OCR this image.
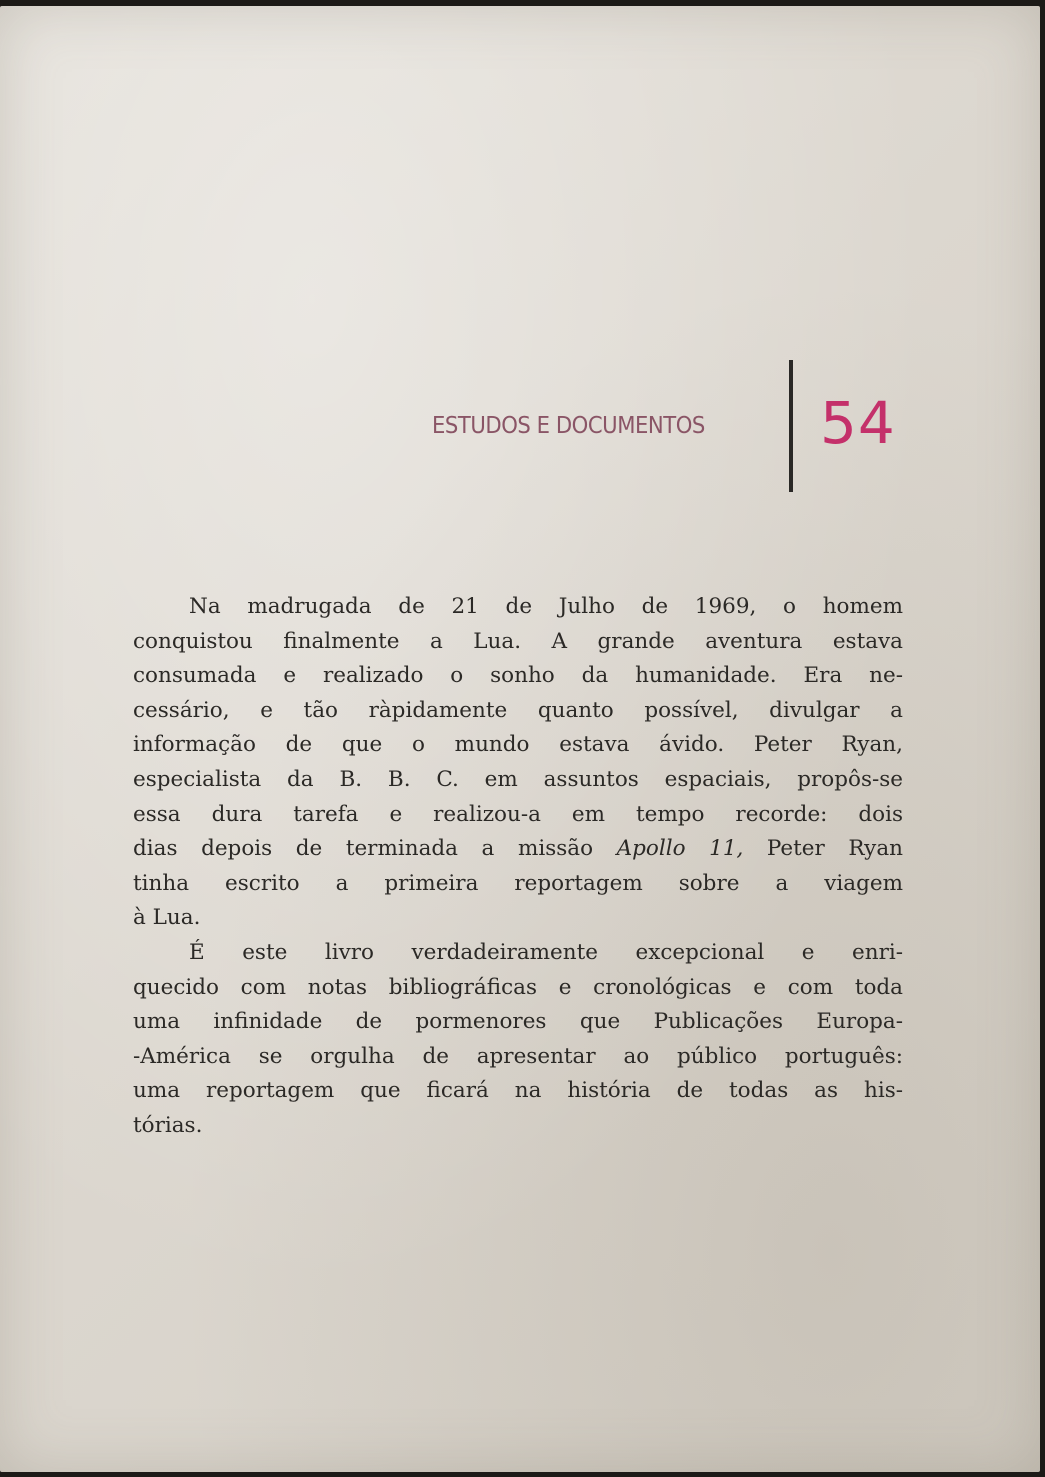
ESTUDOS E DOCUMENTOS 54
Na madrugada de 21 de Julho de 1969, o homem
conquistou finalmente a Lua. A grande aventura estava
consumada e realizado o sonho da humanidade. Era ne-
cessário, e tão ràpidamente quanto possível, divulgar a
informação de que o mundo estava ávido. Peter Ryan,
especialista da B. B. C. em assuntos espaciais, propôs-se
essa dura tarefa e realizou-a em tempo recorde: dois
dias depois de terminada a missão Apollo 11, Peter Ryan
tinha escrito a primeira reportagem sobre a viagem
à Lua.
É este livro verdadeiramente excepcional e enri-
quecido com notas bibliográficas e cronológicas e com toda
uma infinidade de pormenores que Publicações Europa-
-América se orgulha de apresentar ao público português:
uma reportagem que ficará na história de todas as his-
tórias.
